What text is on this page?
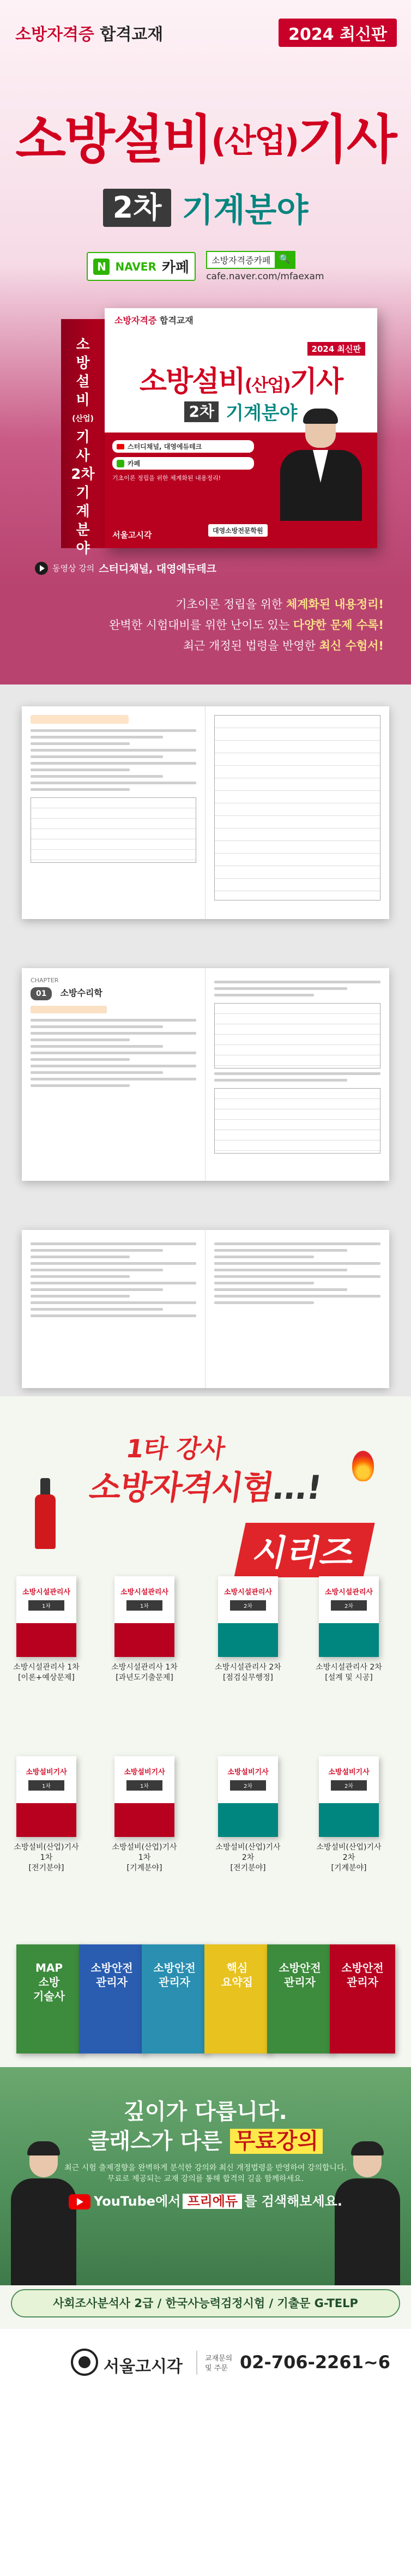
소방자격증 합격교재	2024 최신판
소방설비(산업)기사
2차 기계분야
N NAVER 카페
	소방자격증카페	🔍
cafe.naver.com/mfaexam
소
방
설
비
(산업)
기
사
2차
기계
분야
소방자격증 합격교재
2024 최신판
소방설비(산업)기사
2차 기계분야
스터디채널, 대영에듀테크
카페
기초이론 정립을 위한 체계화된 내용정리!
대영소방전문학원
서울고시각
동영상 강의 스터디채널, 대영에듀테크
기초이론 정립을 위한 체계화된 내용정리!
완벽한 시험대비를 위한 난이도 있는 다양한 문제 수록!
최근 개정된 법령을 반영한 최신 수험서!
CHAPTER
01 소방수리학
1타 강사
소방자격시험...!
시리즈
소방시설관리사
1차
소방시설관리사 1차
[이론+예상문제]
소방시설관리사
1차
소방시설관리사 1차
[과년도기출문제]
소방시설관리사
2차
소방시설관리사 2차
[점검실무행정]
소방시설관리사
2차
소방시설관리사 2차
[설계 및 시공]
소방설비기사
1차
소방설비(산업)기사 1차
[전기분야]
소방설비기사
1차
소방설비(산업)기사 1차
[기계분야]
소방설비기사
2차
소방설비(산업)기사 2차
[전기분야]
소방설비기사
2차
소방설비(산업)기사 2차
[기계분야]
MAP
소방
기술사
소방안전
관리자
소방안전
관리자
핵심
요약집
소방안전
관리자
소방안전
관리자
깊이가 다릅니다.
클래스가 다른 무료강의
최근 시험 출제경향을 완벽하게 분석한 강의와 최신 개정법령을 반영하여 강의합니다.
무료로 제공되는 교재 강의를 통해 합격의 길을 함께하세요.
YouTube에서 프리에듀 를 검색해보세요.
사회조사분석사 2급 / 한국사능력검정시험 / 기출문 G-TELP
서울고시각	교재문의
및 주문 02-706-2261~6
